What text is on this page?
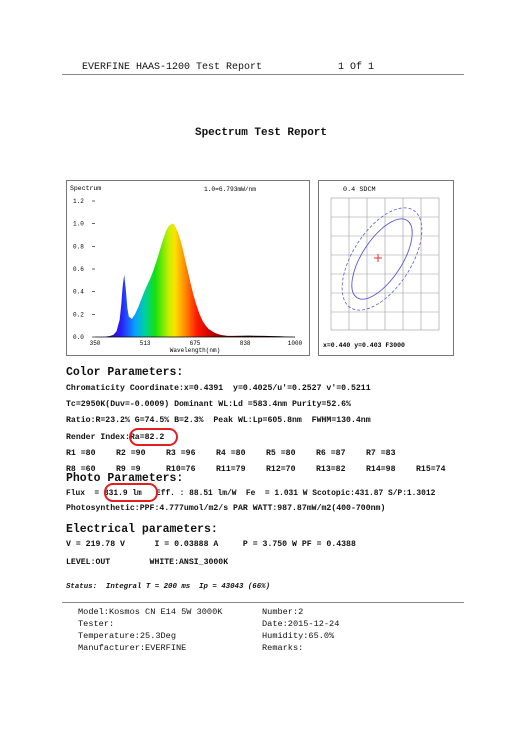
EVERFINE HAAS-1200 Test Report	1 Of 1
Spectrum Test Report
Spectrum	1.0=6.793mW/nm
0.0
0.2
0.4
0.6
0.8
1.0
1.2
350	513	675	838	1000
Wavelength(nm)
0.4 SDCM
x=0.440 y=0.403 F3000
Color Parameters:
Chromaticity Coordinate:x=0.4391  y=0.4025/u'=0.2527 v'=0.5211
Tc=2950K(Duv=-0.0009) Dominant WL:Ld =583.4nm Purity=52.6%
Ratio:R=23.2% G=74.5% B=2.3%  Peak WL:Lp=605.8nm  FWHM=130.4nm
Render Index:Ra=82.2
R1 =80	R2 =90	R3 =96	R4 =80	R5 =80	R6 =87	R7 =83
R8 =60	R9 =9	R10=76	R11=79	R12=70	R13=82	R14=98	R15=74
Photo Parameters:
Flux  = 331.9 lm   Eff. : 88.51 lm/W  Fe  = 1.031 W Scotopic:431.87 S/P:1.3012
Photosynthetic:PPF:4.777umol/m2/s PAR WATT:987.87mW/m2(400-700nm)
Electrical parameters:
V = 219.78 V      I = 0.03888 A     P = 3.750 W PF = 0.4388
LEVEL:OUT        WHITE:ANSI_3000K
Status:  Integral T = 200 ms  Ip = 43043 (66%)
Model:Kosmos CN E14 5W 3000K	Number:2
Tester:	Date:2015-12-24
Temperature:25.3Deg	Humidity:65.0%
Manufacturer:EVERFINE	Remarks:
